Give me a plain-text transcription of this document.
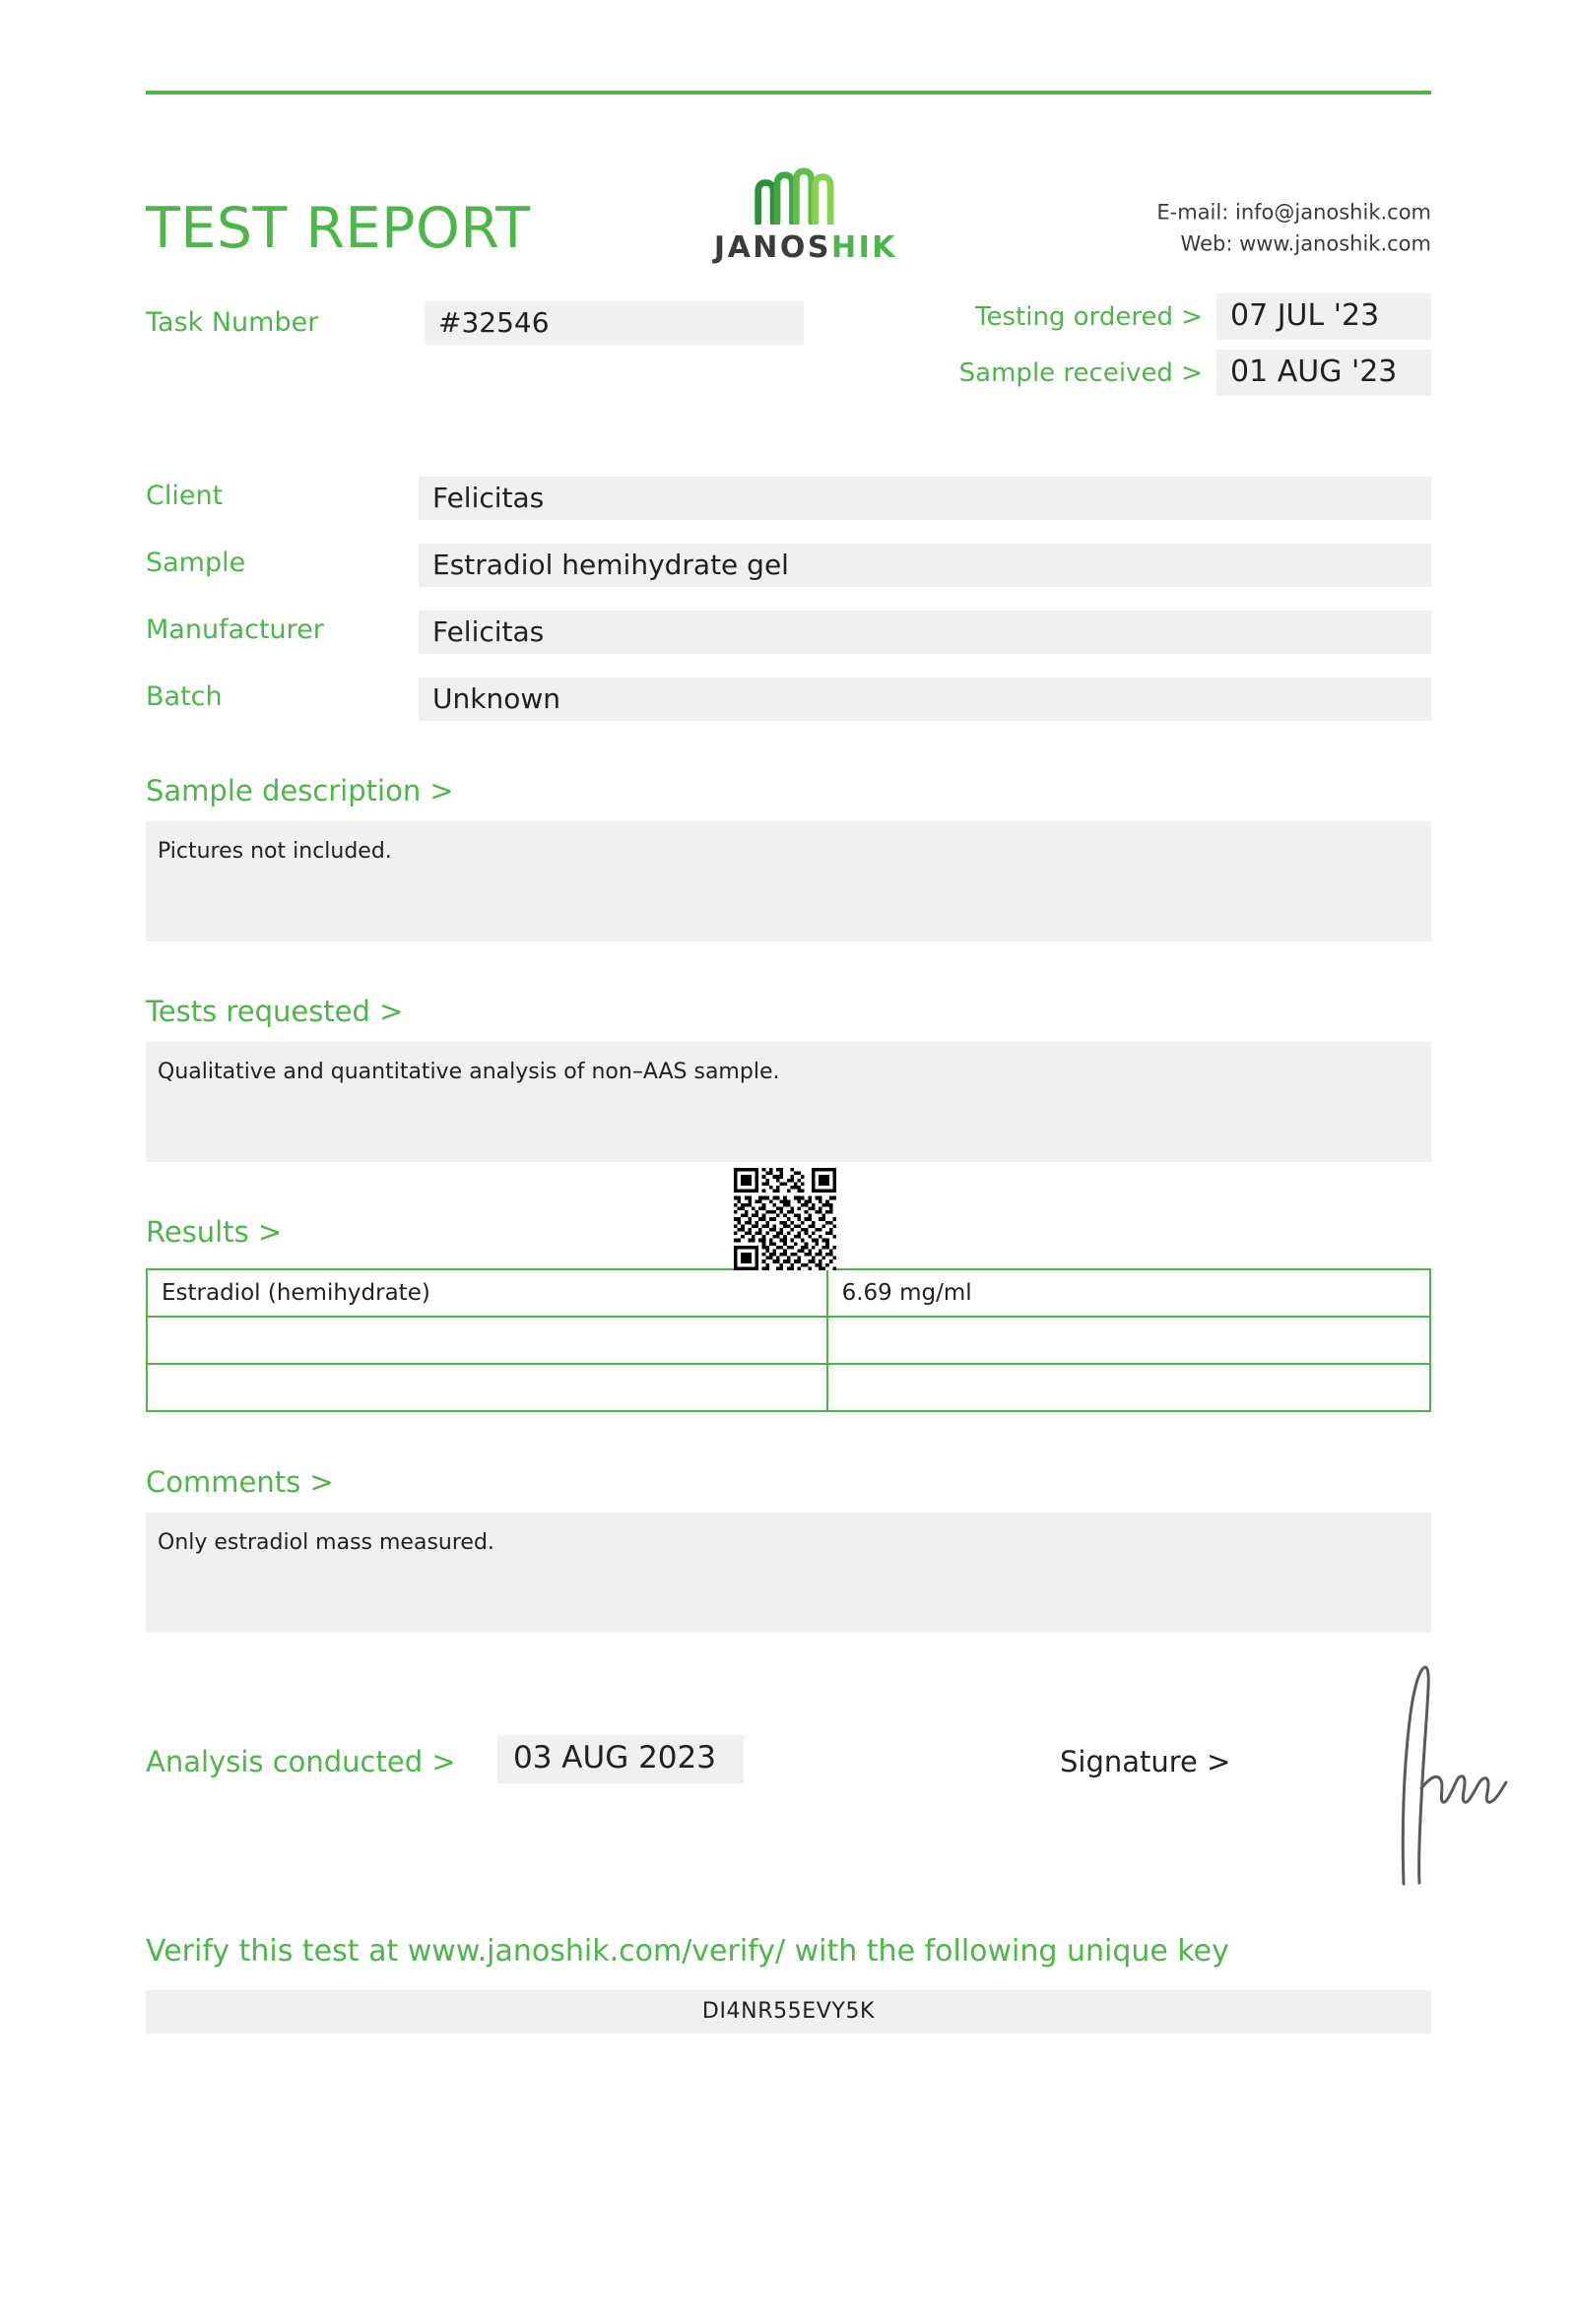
TEST REPORT	JANOSHIK
E-mail: info@janoshik.com
Web: www.janoshik.com
Task Number	#32546	Testing ordered > 07 JUL '23
Sample received > 01 AUG '23
Client	Felicitas
Sample	Estradiol hemihydrate gel
Manufacturer	Felicitas
Batch	Unknown
Sample description >
Pictures not included.
Tests requested >
Qualitative and quantitative analysis of non–AAS sample.
Results >
Estradiol (hemihydrate)	6.69 mg/ml

Comments >
Only estradiol mass measured.
Analysis conducted >	03 AUG 2023	Signature >
Verify this test at www.janoshik.com/verify/ with the following unique key
DI4NR55EVY5K
